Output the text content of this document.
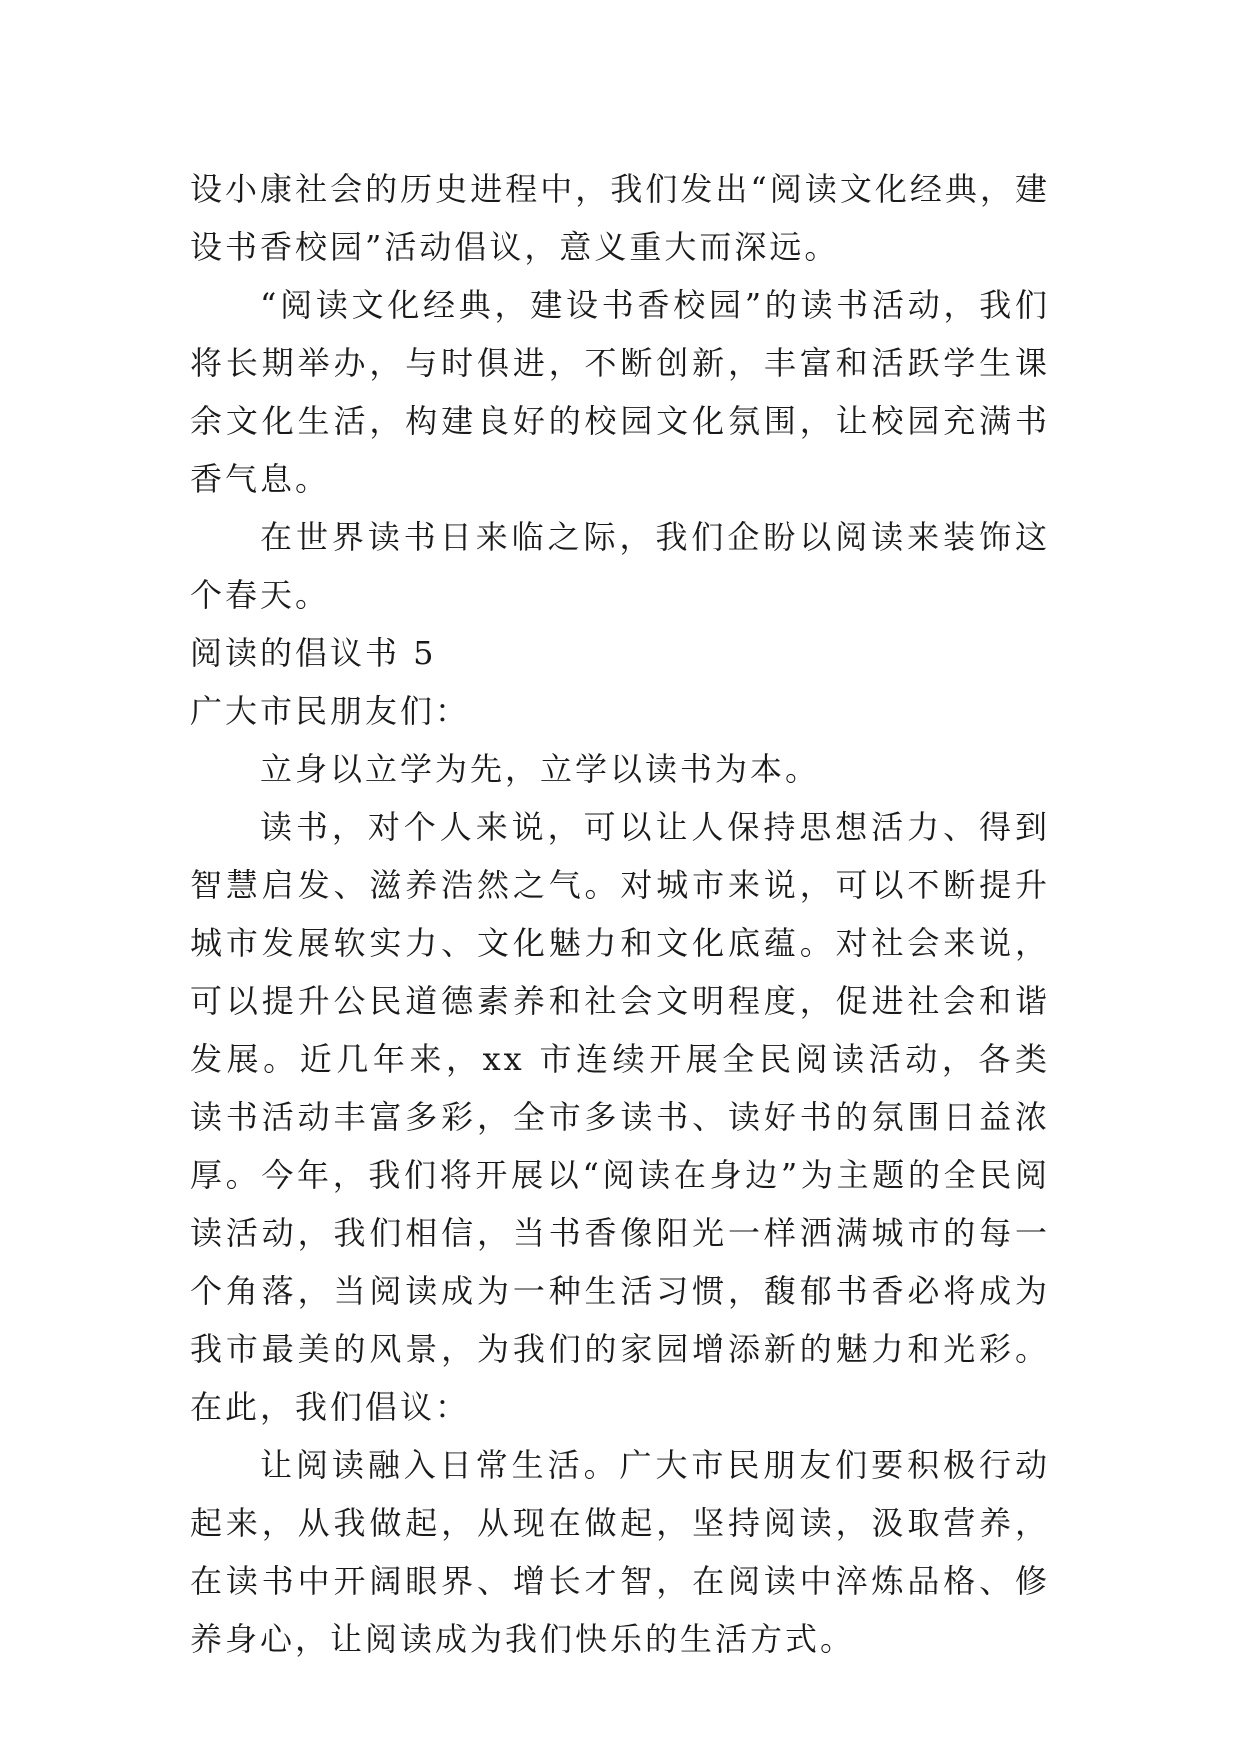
设小康社会的历史进程中，我们发出“阅读文化经典，建设书香校园”活动倡议，意义重大而深远。

“阅读文化经典，建设书香校园”的读书活动，我们将长期举办，与时俱进，不断创新，丰富和活跃学生课余文化生活，构建良好的校园文化氛围，让校园充满书香气息。

在世界读书日来临之际，我们企盼以阅读来装饰这个春天。

阅读的倡议书 5

广大市民朋友们：

立身以立学为先，立学以读书为本。

读书，对个人来说，可以让人保持思想活力、得到智慧启发、滋养浩然之气。对城市来说，可以不断提升城市发展软实力、文化魅力和文化底蕴。对社会来说，可以提升公民道德素养和社会文明程度，促进社会和谐发展。近几年来，xx 市连续开展全民阅读活动，各类读书活动丰富多彩，全市多读书、读好书的氛围日益浓厚。今年，我们将开展以“阅读在身边”为主题的全民阅读活动，我们相信，当书香像阳光一样洒满城市的每一个角落，当阅读成为一种生活习惯，馥郁书香必将成为我市最美的风景，为我们的家园增添新的魅力和光彩。在此，我们倡议：

让阅读融入日常生活。广大市民朋友们要积极行动起来，从我做起，从现在做起，坚持阅读，汲取营养，在读书中开阔眼界、增长才智，在阅读中淬炼品格、修养身心，让阅读成为我们快乐的生活方式。
